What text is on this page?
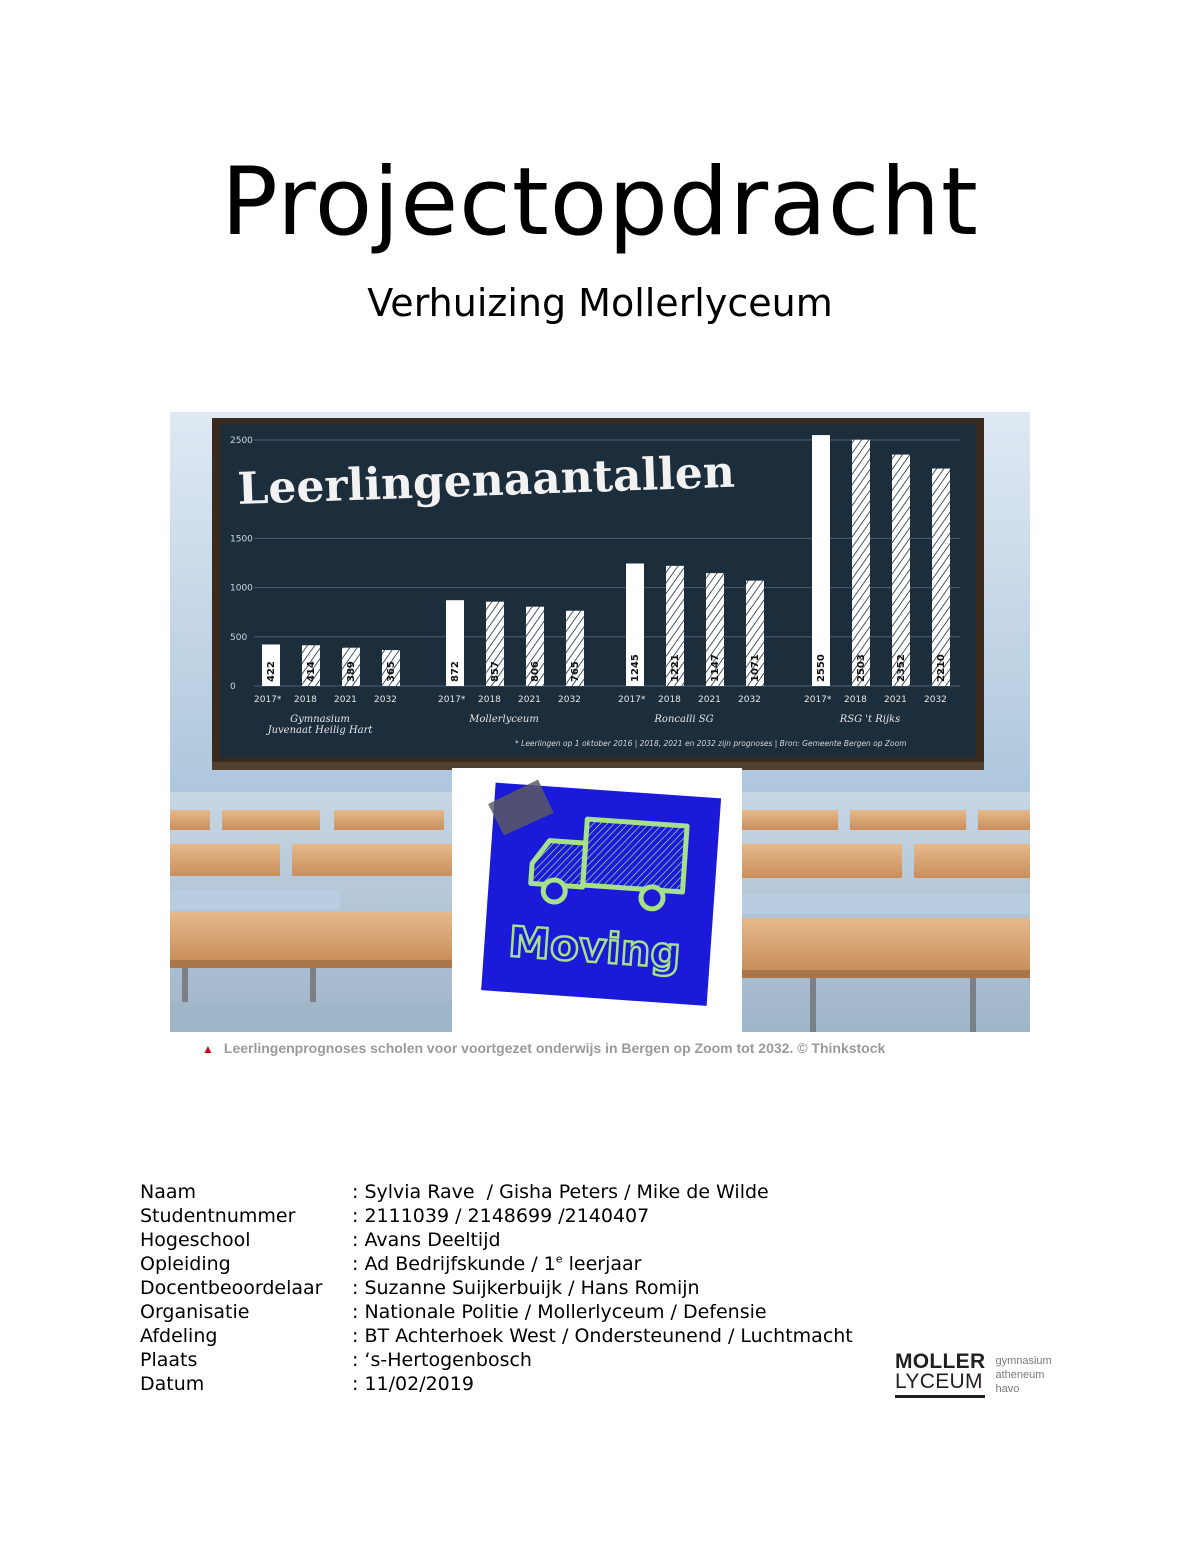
Projectopdracht
Verhuizing Mollerlyceum
0
500
1000
1500
2500
422
2017*
414
2018
389
2021
365
2032
Gymnasium
Juvenaat Heilig Hart
872
2017*
857
2018
806
2021
765
2032
Mollerlyceum
1245
2017*
1221
2018
1147
2021
1071
2032
Roncalli SG
2550
2017*
2503
2018
2352
2021
2210
2032
RSG 't Rijks
Leerlingenaantallen
* Leerlingen op 1 oktober 2016 | 2018, 2021 en 2032 zijn prognoses | Bron: Gemeente Bergen op Zoom
Moving
▲ Leerlingenprognoses scholen voor voortgezet onderwijs in Bergen op Zoom tot 2032. © Thinkstock
Naam	: Sylvia Rave  / Gisha Peters / Mike de Wilde
Studentnummer	: 2111039 / 2148699 /2140407
Hogeschool	: Avans Deeltijd
Opleiding	: Ad Bedrijfskunde / 1e leerjaar
Docentbeoordelaar	: Suzanne Suijkerbuijk / Hans Romijn
Organisatie	: Nationale Politie / Mollerlyceum / Defensie
Afdeling	: BT Achterhoek West / Ondersteunend / Luchtmacht
Plaats	: ‘s-Hertogenbosch
Datum	: 11/02/2019
MOLLER
LYCEUM
gymnasium
atheneum
havo
